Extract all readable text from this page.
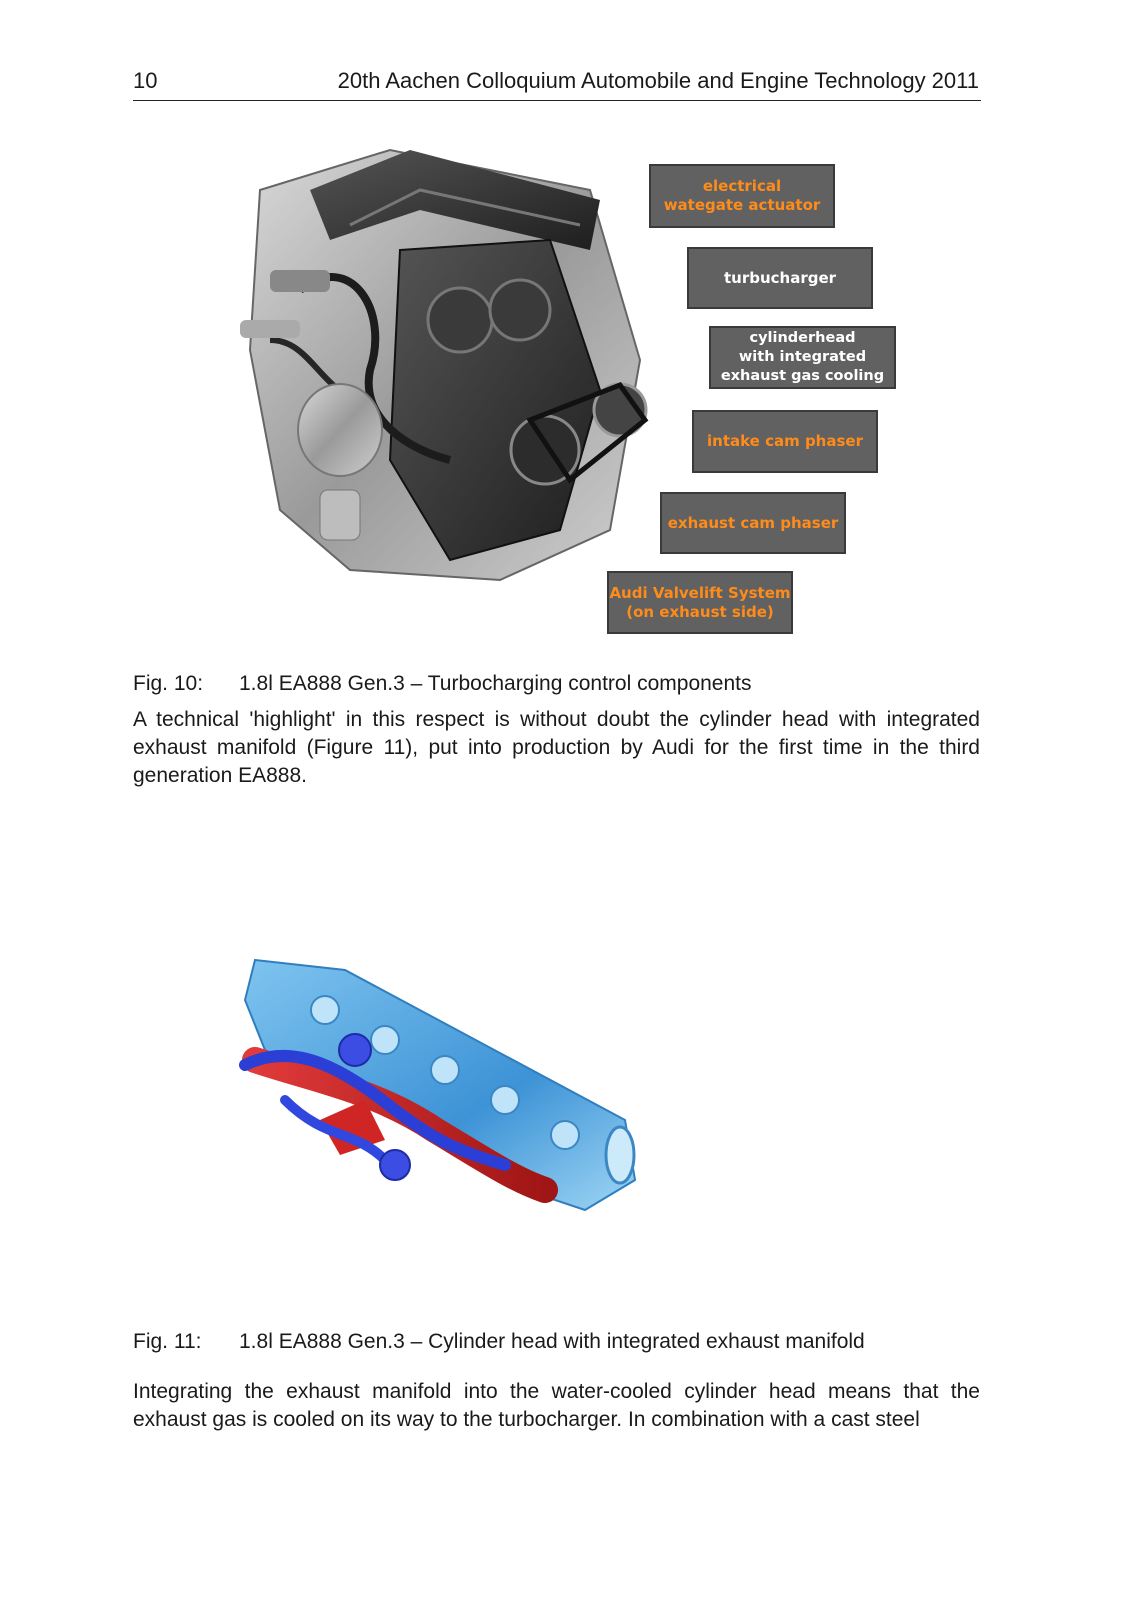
10	20th Aachen Colloquium Automobile and Engine Technology 2011
electrical
wategate actuator
turbucharger
cylinderhead
with integrated
exhaust gas cooling
intake cam phaser
exhaust cam phaser
Audi Valvelift System
(on exhaust side)
Fig. 10: 1.8l EA888 Gen.3 – Turbocharging control components

A technical 'highlight' in this respect is without doubt the cylinder head with integrated exhaust manifold (Figure 11), put into production by Audi for the first time in the third generation EA888.

Fig. 11: 1.8l EA888 Gen.3 – Cylinder head with integrated exhaust manifold

Integrating the exhaust manifold into the water-cooled cylinder head means that the exhaust gas is cooled on its way to the turbocharger. In combination with a cast steel
